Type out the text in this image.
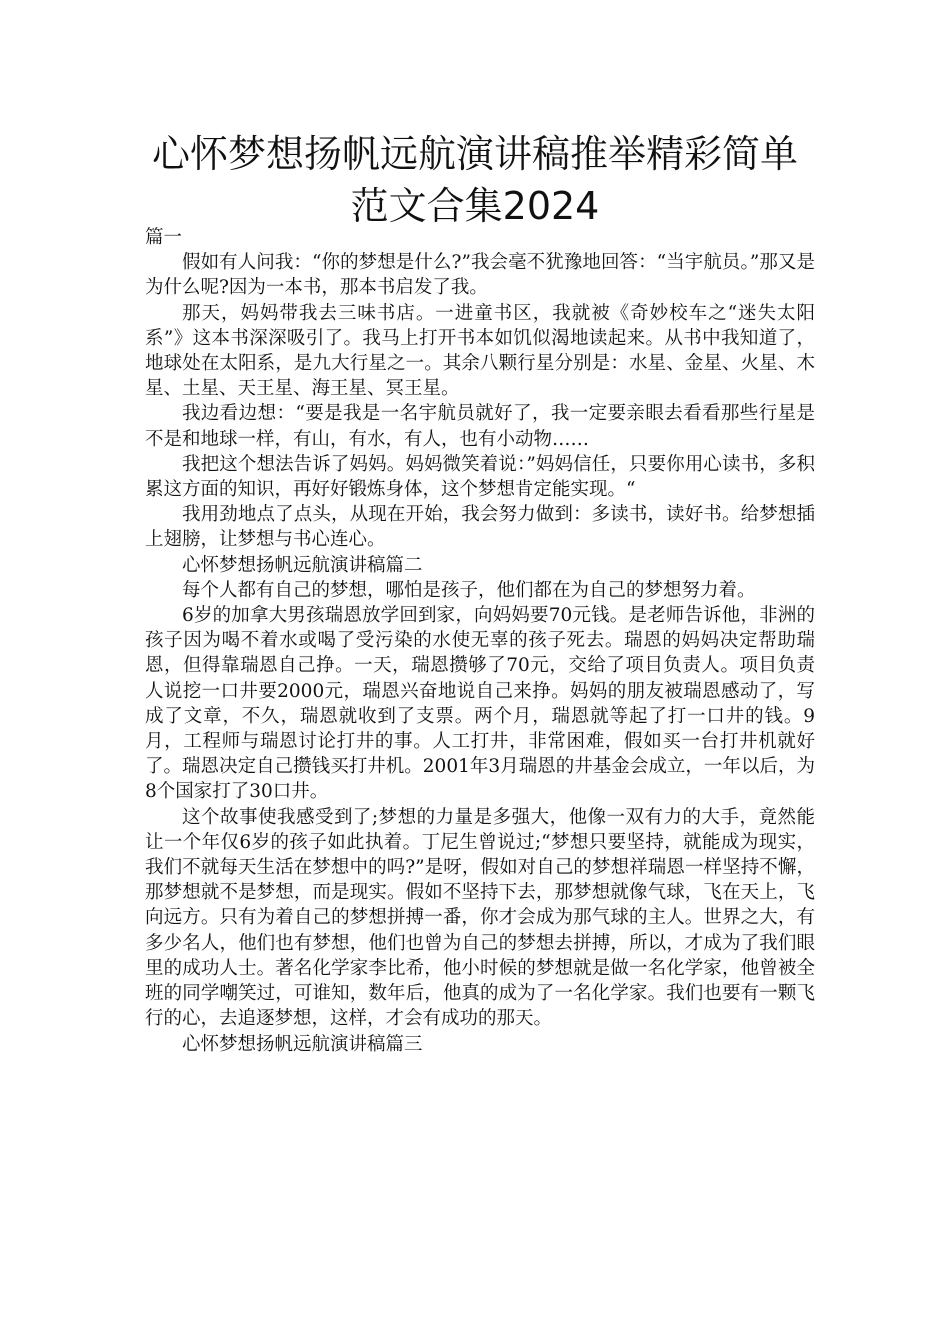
心怀梦想扬帆远航演讲稿推举精彩简单
范文合集2024

篇一

假如有人问我：“你的梦想是什么?”我会毫不犹豫地回答：“当宇航员。”那又是为什么呢?因为一本书，那本书启发了我。

那天，妈妈带我去三味书店。一进童书区，我就被《奇妙校车之“迷失太阳系”》这本书深深吸引了。我马上打开书本如饥似渴地读起来。从书中我知道了，地球处在太阳系，是九大行星之一。其余八颗行星分别是：水星、金星、火星、木星、土星、天王星、海王星、冥王星。

我边看边想：“要是我是一名宇航员就好了，我一定要亲眼去看看那些行星是不是和地球一样，有山，有水，有人，也有小动物……

我把这个想法告诉了妈妈。妈妈微笑着说：”妈妈信任，只要你用心读书，多积累这方面的知识，再好好锻炼身体，这个梦想肯定能实现。“

我用劲地点了点头，从现在开始，我会努力做到：多读书，读好书。给梦想插上翅膀，让梦想与书心连心。

心怀梦想扬帆远航演讲稿篇二

每个人都有自己的梦想，哪怕是孩子，他们都在为自己的梦想努力着。

6岁的加拿大男孩瑞恩放学回到家，向妈妈要70元钱。是老师告诉他，非洲的孩子因为喝不着水或喝了受污染的水使无辜的孩子死去。瑞恩的妈妈决定帮助瑞恩，但得靠瑞恩自己挣。一天，瑞恩攒够了70元，交给了项目负责人。项目负责人说挖一口井要2000元，瑞恩兴奋地说自己来挣。妈妈的朋友被瑞恩感动了，写成了文章，不久，瑞恩就收到了支票。两个月，瑞恩就等起了打一口井的钱。9月，工程师与瑞恩讨论打井的事。人工打井，非常困难，假如买一台打井机就好了。瑞恩决定自己攒钱买打井机。2001年3月瑞恩的井基金会成立，一年以后，为8个国家打了30口井。

这个故事使我感受到了;梦想的力量是多强大，他像一双有力的大手，竟然能让一个年仅6岁的孩子如此执着。丁尼生曾说过;“梦想只要坚持，就能成为现实，我们不就每天生活在梦想中的吗?”是呀，假如对自己的梦想祥瑞恩一样坚持不懈，那梦想就不是梦想，而是现实。假如不坚持下去，那梦想就像气球，飞在天上，飞向远方。只有为着自己的梦想拼搏一番，你才会成为那气球的主人。世界之大，有多少名人，他们也有梦想，他们也曾为自己的梦想去拼搏，所以，才成为了我们眼里的成功人士。著名化学家李比希，他小时候的梦想就是做一名化学家，他曾被全班的同学嘲笑过，可谁知，数年后，他真的成为了一名化学家。我们也要有一颗飞行的心，去追逐梦想，这样，才会有成功的那天。

心怀梦想扬帆远航演讲稿篇三
